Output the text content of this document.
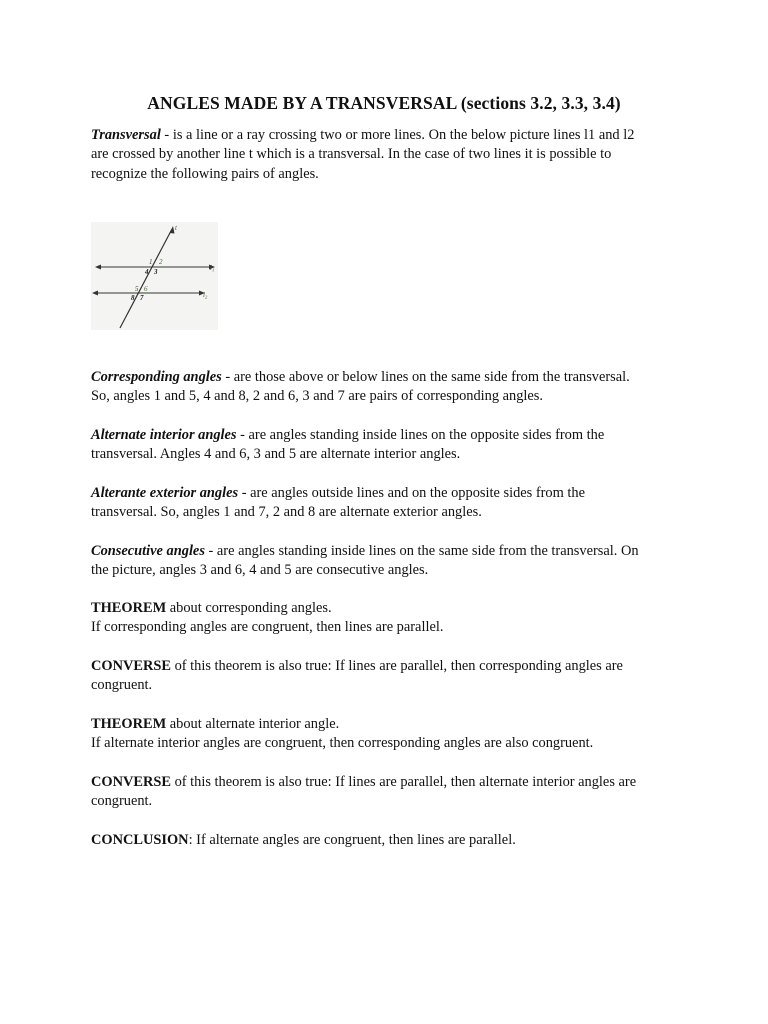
ANGLES MADE BY A TRANSVERSAL (sections 3.2, 3.3, 3.4)
Transversal - is a line or a ray crossing two or more lines. On the below picture lines l1 and l2
are crossed by another line t which is a transversal. In the case of two lines it is possible to
recognize the following pairs of angles.
t
$l_1$
$l_2$
1 2
4 3
5 6
8 7
Corresponding angles - are those above or below lines on the same side from the transversal.
So, angles 1 and 5, 4 and 8, 2 and 6, 3 and 7 are pairs of corresponding angles.
Alternate interior angles - are angles standing inside lines on the opposite sides from the
transversal. Angles 4 and 6, 3 and 5 are alternate interior angles.
Alterante exterior angles - are angles outside lines and on the opposite sides from the
transversal. So, angles 1 and 7, 2 and 8 are alternate exterior angles.
Consecutive angles - are angles standing inside lines on the same side from the transversal. On
the picture, angles 3 and 6, 4 and 5 are consecutive angles.
THEOREM about corresponding angles.
If corresponding angles are congruent, then lines are parallel.
CONVERSE of this theorem is also true: If lines are parallel, then corresponding angles are
congruent.
THEOREM about alternate interior angle.
If alternate interior angles are congruent, then corresponding angles are also congruent.
CONVERSE of this theorem is also true: If lines are parallel, then alternate interior angles are
congruent.
CONCLUSION: If alternate angles are congruent, then lines are parallel.
